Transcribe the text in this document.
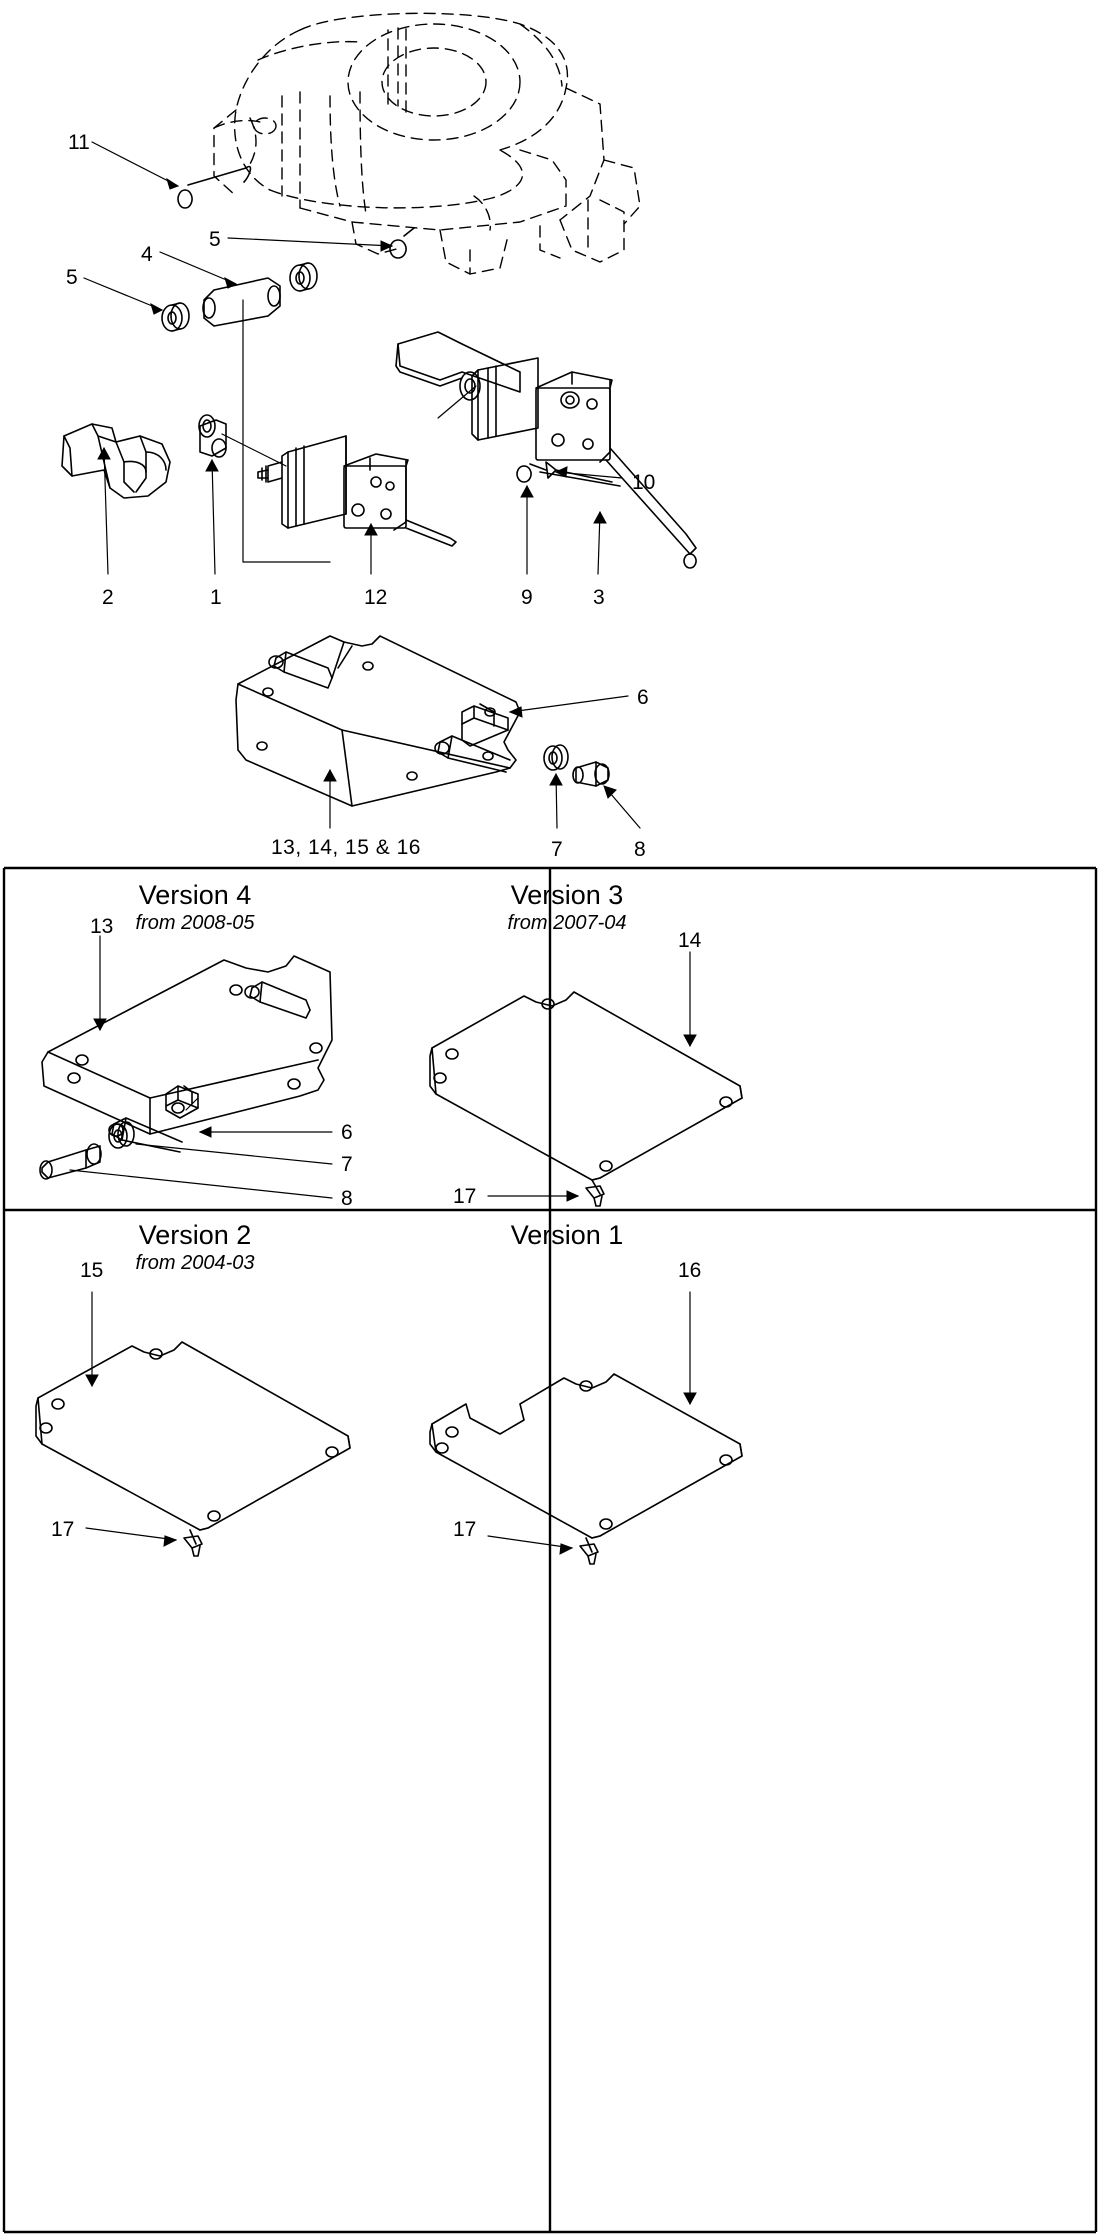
11
4
5
5
2	1	12	9	3
10
6
7	8
13, 14, 15 & 16
Version 4
from 2008-05
13
6
7
8
Version 3
from 2007-04
14
17
Version 2
from 2004-03
15
17
Version 1
16
17
